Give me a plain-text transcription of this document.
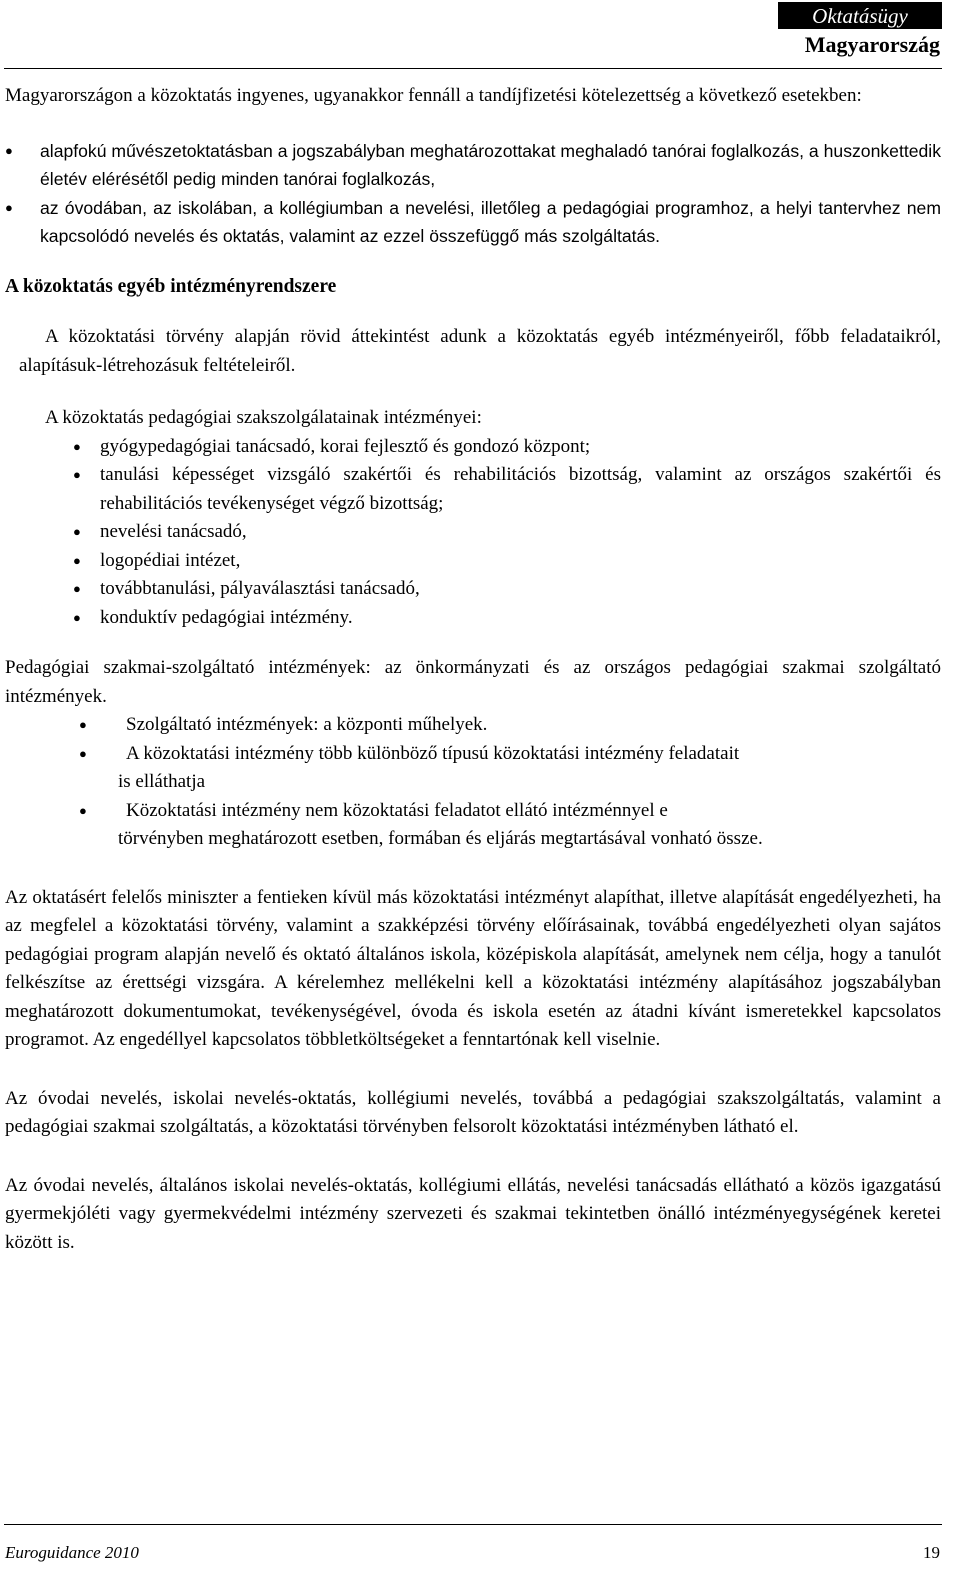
Oktatásügy
Magyarország

Magyarországon a közoktatás ingyenes, ugyanakkor fennáll a tandíjfizetési kötelezettség a következő esetekben:

● alapfokú művészetoktatásban a jogszabályban meghatározottakat meghaladó tanórai foglalkozás, a huszonkettedik életév elérésétől pedig minden tanórai foglalkozás,
● az óvodában, az iskolában, a kollégiumban a nevelési, illetőleg a pedagógiai programhoz, a helyi tantervhez nem kapcsolódó nevelés és oktatás, valamint az ezzel összefüggő más szolgáltatás.

A közoktatás egyéb intézményrendszere

A közoktatási törvény alapján rövid áttekintést adunk a közoktatás egyéb intézményeiről, főbb feladataikról, alapításuk-létrehozásuk feltételeiről.

A közoktatás pedagógiai szakszolgálatainak intézményei:

● gyógypedagógiai tanácsadó, korai fejlesztő és gondozó központ;
● tanulási képességet vizsgáló szakértői és rehabilitációs bizottság, valamint az országos szakértői és rehabilitációs tevékenységet végző bizottság;
● nevelési tanácsadó,
● logopédiai intézet,
● továbbtanulási, pályaválasztási tanácsadó,
● konduktív pedagógiai intézmény.

Pedagógiai szakmai-szolgáltató intézmények: az önkormányzati és az országos pedagógiai szakmai szolgáltató intézmények.

● Szolgáltató intézmények: a központi műhelyek.
● A közoktatási intézmény több különböző típusú közoktatási intézmény feladatait
is elláthatja
● Közoktatási intézmény nem közoktatási feladatot ellátó intézménnyel e
törvényben meghatározott esetben, formában és eljárás megtartásával vonható össze.

Az oktatásért felelős miniszter a fentieken kívül más közoktatási intézményt alapíthat, illetve alapítását engedélyezheti, ha az megfelel a közoktatási törvény, valamint a szakképzési törvény előírásainak, továbbá engedélyezheti olyan sajátos pedagógiai program alapján nevelő és oktató általános iskola, középiskola alapítását, amelynek nem célja, hogy a tanulót felkészítse az érettségi vizsgára. A kérelemhez mellékelni kell a közoktatási intézmény alapításához jogszabályban meghatározott dokumentumokat, tevékenységével, óvoda és iskola esetén az átadni kívánt ismeretekkel kapcsolatos programot. Az engedéllyel kapcsolatos többletköltségeket a fenntartónak kell viselnie.

Az óvodai nevelés, iskolai nevelés-oktatás, kollégiumi nevelés, továbbá a pedagógiai szakszolgáltatás, valamint a pedagógiai szakmai szolgáltatás, a közoktatási törvényben felsorolt közoktatási intézményben látható el.

Az óvodai nevelés, általános iskolai nevelés-oktatás, kollégiumi ellátás, nevelési tanácsadás ellátható a közös igazgatású gyermekjóléti vagy gyermekvédelmi intézmény szervezeti és szakmai tekintetben önálló intézményegységének keretei között is.

Euroguidance 2010	19
